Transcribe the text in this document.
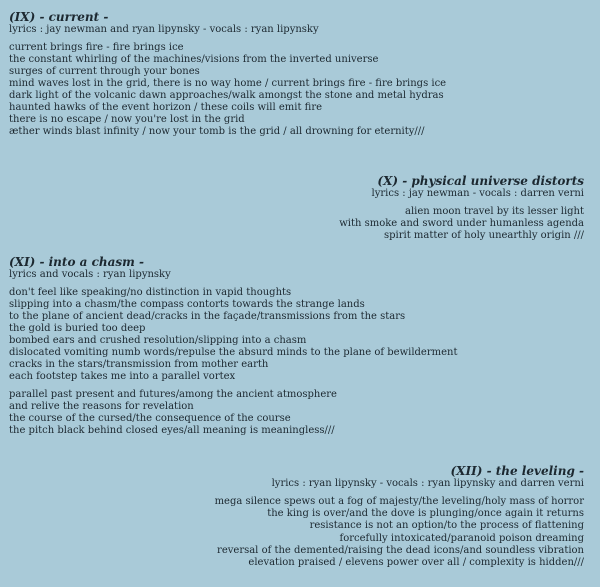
(IX) - current -
lyrics : jay newman and ryan lipynsky - vocals : ryan lipynsky
current brings fire - fire brings ice
the constant whirling of the machines/visions from the inverted universe
surges of current through your bones
mind waves lost in the grid, there is no way home / current brings fire - fire brings ice
dark light of the volcanic dawn approaches/walk amongst the stone and metal hydras
haunted hawks of the event horizon / these coils will emit fire
there is no escape / now you're lost in the grid
æther winds blast infinity / now your tomb is the grid / all drowning for eternity///
(X) - physical universe distorts
lyrics : jay newman - vocals : darren verni
alien moon travel by its lesser light
with smoke and sword under humanless agenda
spirit matter of holy unearthly origin ///
(XI) - into a chasm -
lyrics and vocals : ryan lipynsky
don't feel like speaking/no distinction in vapid thoughts
slipping into a chasm/the compass contorts towards the strange lands
to the plane of ancient dead/cracks in the façade/transmissions from the stars
the gold is buried too deep
bombed ears and crushed resolution/slipping into a chasm
dislocated vomiting numb words/repulse the absurd minds to the plane of bewilderment
cracks in the stars/transmission from mother earth
each footstep takes me into a parallel vortex
parallel past present and futures/among the ancient atmosphere
and relive the reasons for revelation
the course of the cursed/the consequence of the course
the pitch black behind closed eyes/all meaning is meaningless///
(XII) - the leveling -
lyrics : ryan lipynsky - vocals : ryan lipynsky and darren verni
mega silence spews out a fog of majesty/the leveling/holy mass of horror
the king is over/and the dove is plunging/once again it returns
resistance is not an option/to the process of flattening
forcefully intoxicated/paranoid poison dreaming
reversal of the demented/raising the dead icons/and soundless vibration
elevation praised / elevens power over all / complexity is hidden///
